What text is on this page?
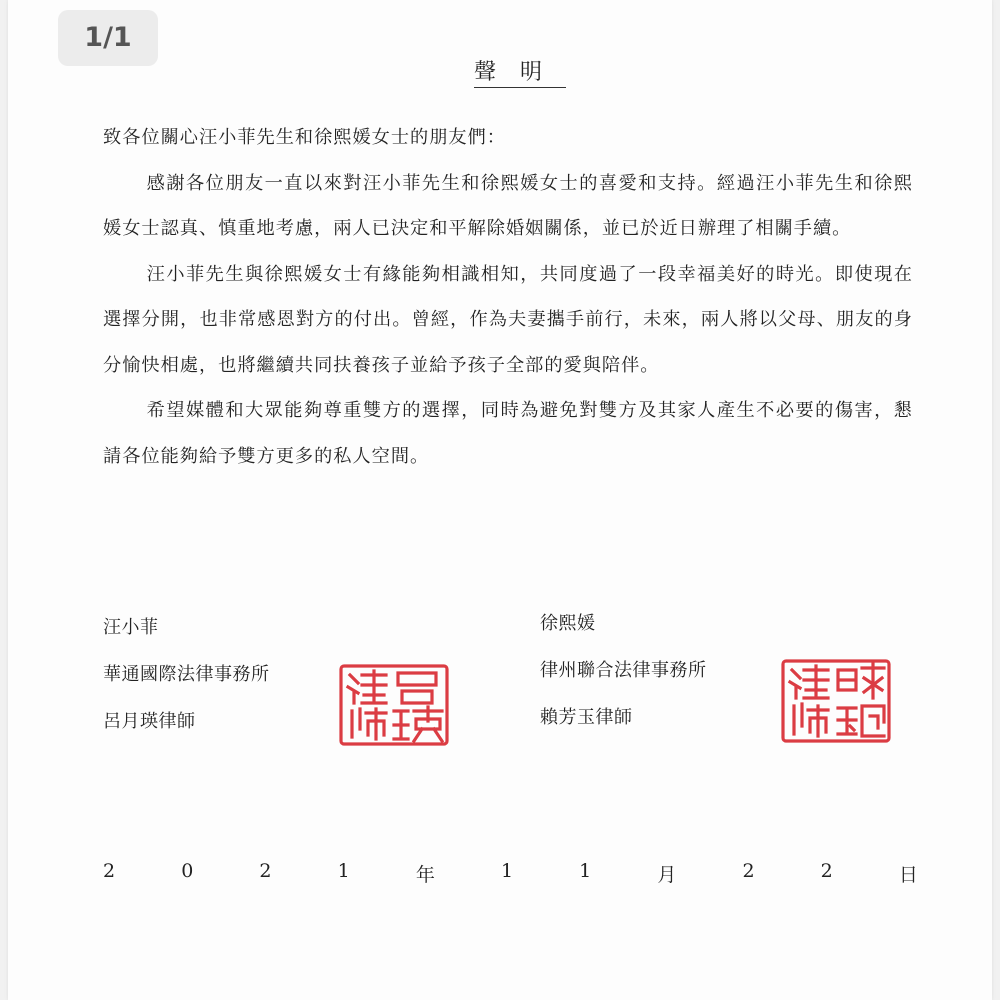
1/1
聲明

致各位關心汪小菲先生和徐熙媛女士的朋友們：

感謝各位朋友一直以來對汪小菲先生和徐熙媛女士的喜愛和支持。經過汪小菲先生和徐熙媛女士認真、慎重地考慮，兩人已決定和平解除婚姻關係，並已於近日辦理了相關手續。

汪小菲先生與徐熙媛女士有緣能夠相識相知，共同度過了一段幸福美好的時光。即使現在選擇分開，也非常感恩對方的付出。曾經，作為夫妻攜手前行，未來，兩人將以父母、朋友的身分愉快相處，也將繼續共同扶養孩子並給予孩子全部的愛與陪伴。

希望媒體和大眾能夠尊重雙方的選擇，同時為避免對雙方及其家人產生不必要的傷害，懇請各位能夠給予雙方更多的私人空間。

汪小菲
華通國際法律事務所
呂月瑛律師
徐熙媛
律州聯合法律事務所
賴芳玉律師
2	0	2	1	年	1	1	月	2	2	日
